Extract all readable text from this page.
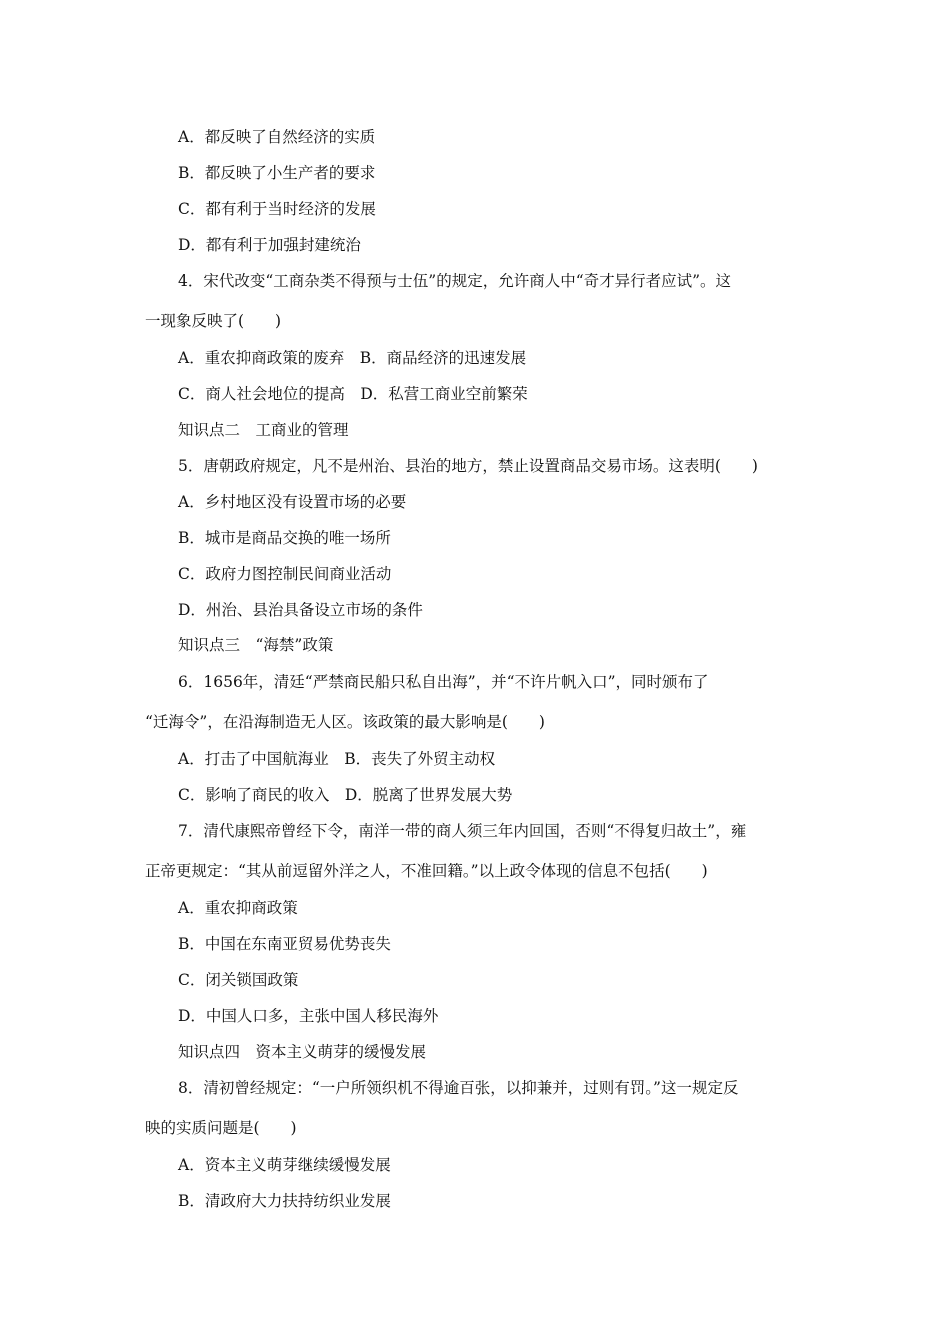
A．都反映了自然经济的实质
B．都反映了小生产者的要求
C．都有利于当时经济的发展
D．都有利于加强封建统治
4．宋代改变“工商杂类不得预与士伍”的规定，允许商人中“奇才异行者应试”。这
一现象反映了(　　)
A．重农抑商政策的废弃　B．商品经济的迅速发展
C．商人社会地位的提高　D．私营工商业空前繁荣
知识点二　工商业的管理
5．唐朝政府规定，凡不是州治、县治的地方，禁止设置商品交易市场。这表明(　　)
A．乡村地区没有设置市场的必要
B．城市是商品交换的唯一场所
C．政府力图控制民间商业活动
D．州治、县治具备设立市场的条件
知识点三　“海禁”政策
6．1656年，清廷“严禁商民船只私自出海”，并“不许片帆入口”，同时颁布了
“迁海令”，在沿海制造无人区。该政策的最大影响是(　　)
A．打击了中国航海业　B．丧失了外贸主动权
C．影响了商民的收入　D．脱离了世界发展大势
7．清代康熙帝曾经下令，南洋一带的商人须三年内回国，否则“不得复归故土”，雍
正帝更规定：“其从前逗留外洋之人，不准回籍。”以上政令体现的信息不包括(　　)
A．重农抑商政策
B．中国在东南亚贸易优势丧失
C．闭关锁国政策
D．中国人口多，主张中国人移民海外
知识点四　资本主义萌芽的缓慢发展
8．清初曾经规定：“一户所领织机不得逾百张，以抑兼并，过则有罚。”这一规定反
映的实质问题是(　　)
A．资本主义萌芽继续缓慢发展
B．清政府大力扶持纺织业发展
